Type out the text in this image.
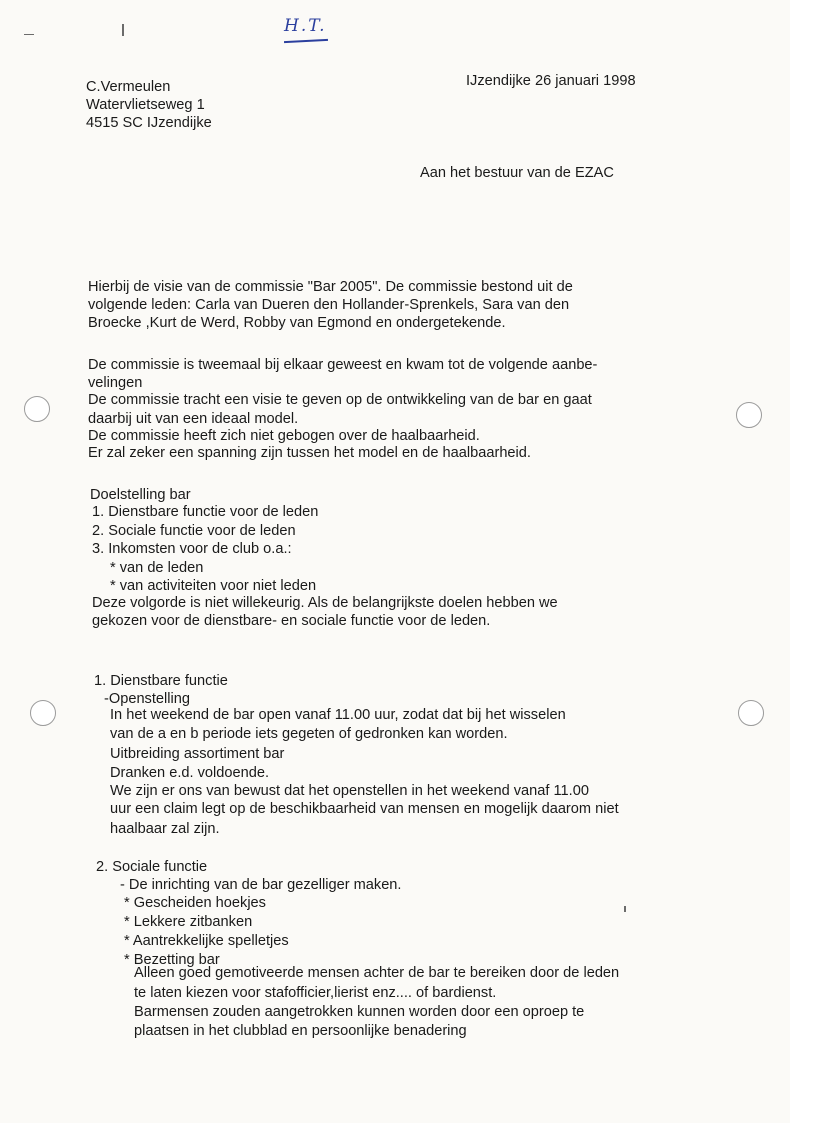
H.T.
C.Vermeulen
Watervlietseweg 1
4515 SC IJzendijke
IJzendijke 26 januari 1998
Aan het bestuur van de EZAC
Hierbij de visie van de commissie "Bar 2005". De commissie bestond uit de
volgende leden: Carla van Dueren den Hollander-Sprenkels, Sara van den
Broecke ,Kurt de Werd, Robby van Egmond en ondergetekende.
De commissie is tweemaal bij elkaar geweest en kwam tot de volgende aanbe-
velingen
De commissie tracht een visie te geven op de ontwikkeling van de bar en gaat
daarbij uit van een ideaal model.
De commissie heeft zich niet gebogen over de haalbaarheid.
Er zal zeker een spanning zijn tussen het model en de haalbaarheid.
Doelstelling bar
1. Dienstbare functie voor de leden
2. Sociale functie voor de leden
3. Inkomsten voor de club o.a.:
* van de leden
* van activiteiten voor niet leden
Deze volgorde is niet willekeurig. Als de belangrijkste doelen hebben we
gekozen voor de dienstbare- en sociale functie voor de leden.
1. Dienstbare functie
-Openstelling
In het weekend de bar open vanaf 11.00 uur, zodat dat bij het wisselen
van de a en b periode iets gegeten of gedronken kan worden.
Uitbreiding assortiment bar
Dranken e.d. voldoende.
We zijn er ons van bewust dat het openstellen in het weekend vanaf 11.00
uur een claim legt op de beschikbaarheid van mensen en mogelijk daarom niet
haalbaar zal zijn.
2. Sociale functie
- De inrichting van de bar gezelliger maken.
* Gescheiden hoekjes
* Lekkere zitbanken
* Aantrekkelijke spelletjes
* Bezetting bar
Alleen goed gemotiveerde mensen achter de bar te bereiken door de leden
te laten kiezen voor stafofficier,lierist enz.... of bardienst.
Barmensen zouden aangetrokken kunnen worden door een oproep te
plaatsen in het clubblad en persoonlijke benadering
